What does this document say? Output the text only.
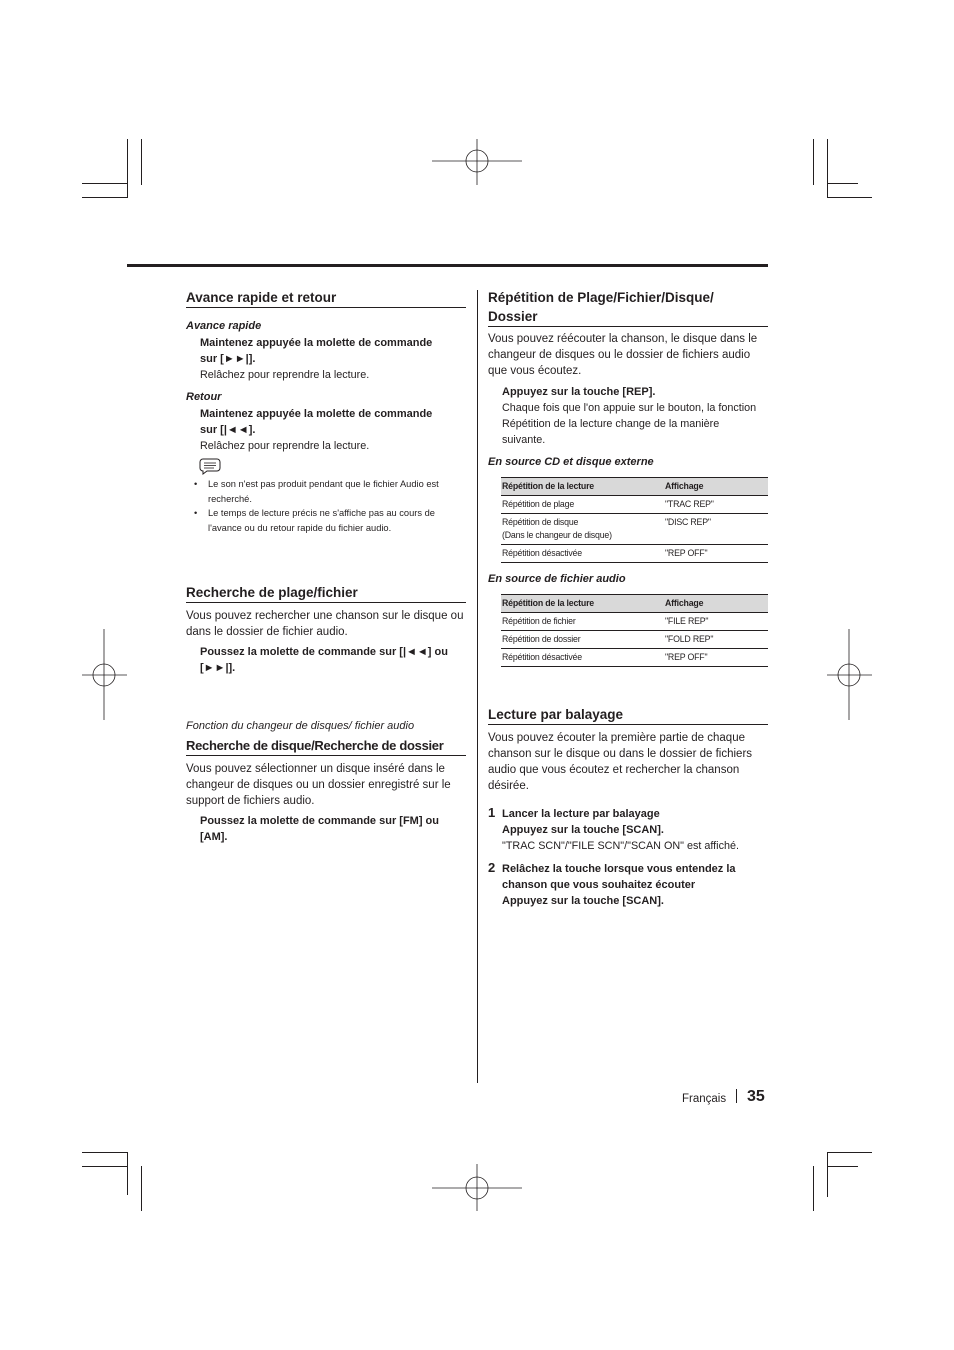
Avance rapide et retour
Avance rapide
Maintenez appuyée la molette de commande
sur [►►|].
Relâchez pour reprendre la lecture.
Retour
Maintenez appuyée la molette de commande
sur [|◄◄].
Relâchez pour reprendre la lecture.
• Le son n'est pas produit pendant que le fichier Audio est recherché.
• Le temps de lecture précis ne s'affiche pas au cours de l'avance ou du retour rapide du fichier audio.
Recherche de plage/fichier
Vous pouvez rechercher une chanson sur le disque ou dans le dossier de fichier audio.
Poussez la molette de commande sur [|◄◄] ou
[►►|].
Fonction du changeur de disques/ fichier audio
Recherche de disque/Recherche de dossier
Vous pouvez sélectionner un disque inséré dans le changeur de disques ou un dossier enregistré sur le support de fichiers audio.
Poussez la molette de commande sur [FM] ou
[AM].
Répétition de Plage/Fichier/Disque/
Dossier
Vous pouvez réécouter la chanson, le disque dans le changeur de disques ou le dossier de fichiers audio que vous écoutez.
Appuyez sur la touche [REP].
Chaque fois que l'on appuie sur le bouton, la fonction Répétition de la lecture change de la manière suivante.
En source CD et disque externe
Répétition de la lecture	Affichage
Répétition de plage	"TRAC REP"

Répétition de disque
(Dans le changeur de disque)	"DISC REP"
Répétition désactivée	"REP OFF"
En source de fichier audio
Répétition de la lecture	Affichage
Répétition de fichier	"FILE REP"
Répétition de dossier	"FOLD REP"
Répétition désactivée	"REP OFF"
Lecture par balayage
Vous pouvez écouter la première partie de chaque chanson sur le disque ou dans le dossier de fichiers audio que vous écoutez et rechercher la chanson désirée.
1 Lancer la lecture par balayage
Appuyez sur la touche [SCAN].
"TRAC SCN"/"FILE SCN"/"SCAN ON" est affiché.
2 Relâchez la touche lorsque vous entendez la
chanson que vous souhaitez écouter
Appuyez sur la touche [SCAN].
Français 35
